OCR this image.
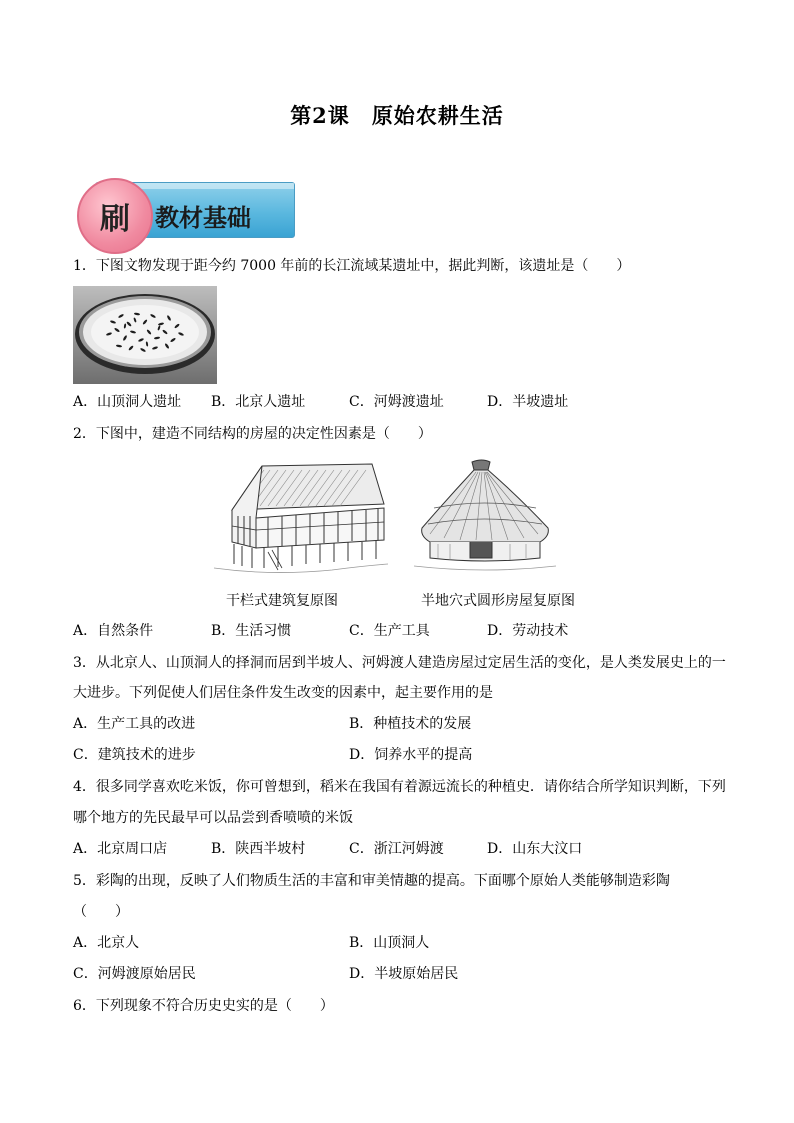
第2课 原始农耕生活
刷	教材基础
1．下图文物发现于距今约 7000 年前的长江流域某遗址中，据此判断，该遗址是（　　）
A．山顶洞人遗址 B．北京人遗址	C．河姆渡遗址	D．半坡遗址
2．下图中，建造不同结构的房屋的决定性因素是（　　）
干栏式建筑复原图	半地穴式圆形房屋复原图
A．自然条件	B．生活习惯	C．生产工具	D．劳动技术
3．从北京人、山顶洞人的择洞而居到半坡人、河姆渡人建造房屋过定居生活的变化，是人类发展史上的一
大进步。下列促使人们居住条件发生改变的因素中，起主要作用的是
A．生产工具的改进	B．种植技术的发展
C．建筑技术的进步	D．饲养水平的提高
4．很多同学喜欢吃米饭，你可曾想到，稻米在我国有着源远流长的种植史．请你结合所学知识判断，下列
哪个地方的先民最早可以品尝到香喷喷的米饭
A．北京周口店	B．陕西半坡村	C．浙江河姆渡	D．山东大汶口
5．彩陶的出现，反映了人们物质生活的丰富和审美情趣的提高。下面哪个原始人类能够制造彩陶
（　　）
A．北京人	B．山顶洞人
C．河姆渡原始居民	D．半坡原始居民
6．下列现象不符合历史史实的是（　　）
